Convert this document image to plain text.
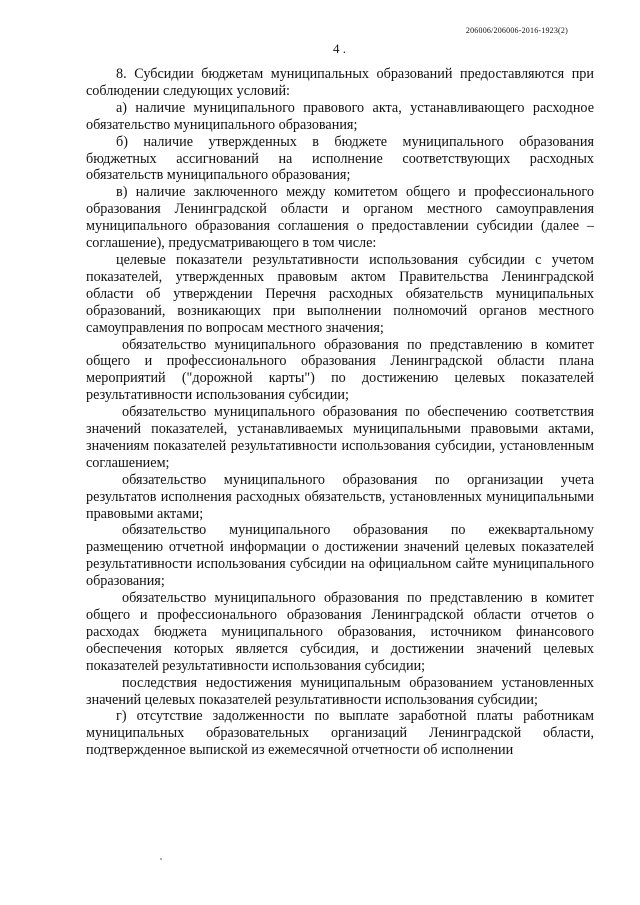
206006/206006-2016-1923(2)
4 .

8. Субсидии бюджетам муниципальных образований предоставляются при соблюдении следующих условий:

а) наличие муниципального правового акта, устанавливающего расходное обязательство муниципального образования;

б) наличие утвержденных в бюджете муниципального образования бюджетных ассигнований на исполнение соответствующих расходных обязательств муниципального образования;

в) наличие заключенного между комитетом общего и профессионального образования Ленинградской области и органом местного самоуправления муниципального образования соглашения о предоставлении субсидии (далее – соглашение), предусматривающего в том числе:

целевые показатели результативности использования субсидии с учетом показателей, утвержденных правовым актом Правительства Ленинградской области об утверждении Перечня расходных обязательств муниципальных образований, возникающих при выполнении полномочий органов местного самоуправления по вопросам местного значения;

обязательство муниципального образования по представлению в комитет общего и профессионального образования Ленинградской области плана мероприятий ("дорожной карты") по достижению целевых показателей результативности использования субсидии;

обязательство муниципального образования по обеспечению соответствия значений показателей, устанавливаемых муниципальными правовыми актами, значениям показателей результативности использования субсидии, установленным соглашением;

обязательство муниципального образования по организации учета результатов исполнения расходных обязательств, установленных муниципальными правовыми актами;

обязательство муниципального образования по ежеквартальному размещению отчетной информации о достижении значений целевых показателей результативности использования субсидии на официальном сайте муниципального образования;

обязательство муниципального образования по представлению в комитет общего и профессионального образования Ленинградской области отчетов о расходах бюджета муниципального образования, источником финансового обеспечения которых является субсидия, и достижении значений целевых показателей результативности использования субсидии;

последствия недостижения муниципальным образованием установленных значений целевых показателей результативности использования субсидии;

г) отсутствие задолженности по выплате заработной платы работникам муниципальных образовательных организаций Ленинградской области, подтвержденное выпиской из ежемесячной отчетности об исполнении
